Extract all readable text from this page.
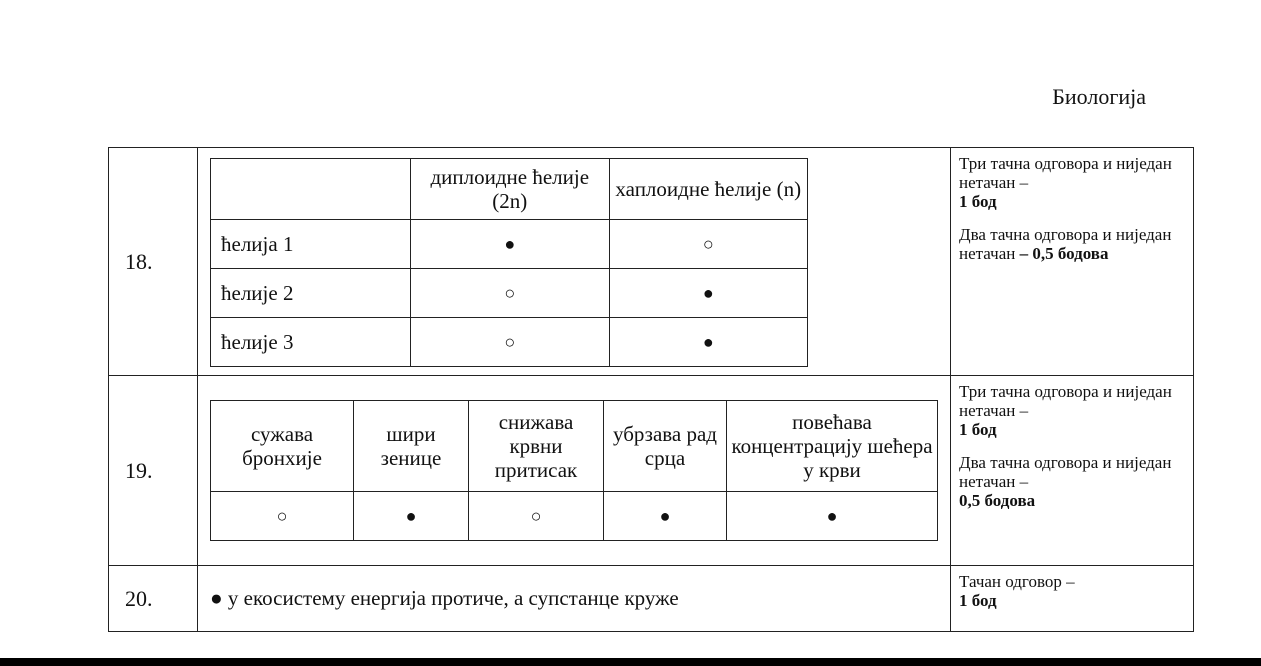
Биологија
18.	
	диплоидне ћелије (2n)	хаплоидне ћелије (n)
ћелија 1	●	○
ћелије 2	○	●
ћелије 3	○	●

Три тачна одговора и ниједан нетачан –
1 бод
Два тачна одговора и ниједан нетачан – 0,5 бодова

19.	
сужава бронхије	шири зенице	снижава крвни притисак	убрзава рад срца	повећава концентрацију шећера у крви
○	●	○	●	●

Три тачна одговора и ниједан нетачан –
1 бод
Два тачна одговора и ниједан нетачан –
0,5 бодова

20.	● у екосистему енергија протиче, а супстанце круже	
Тачан одговор –
1 бод
